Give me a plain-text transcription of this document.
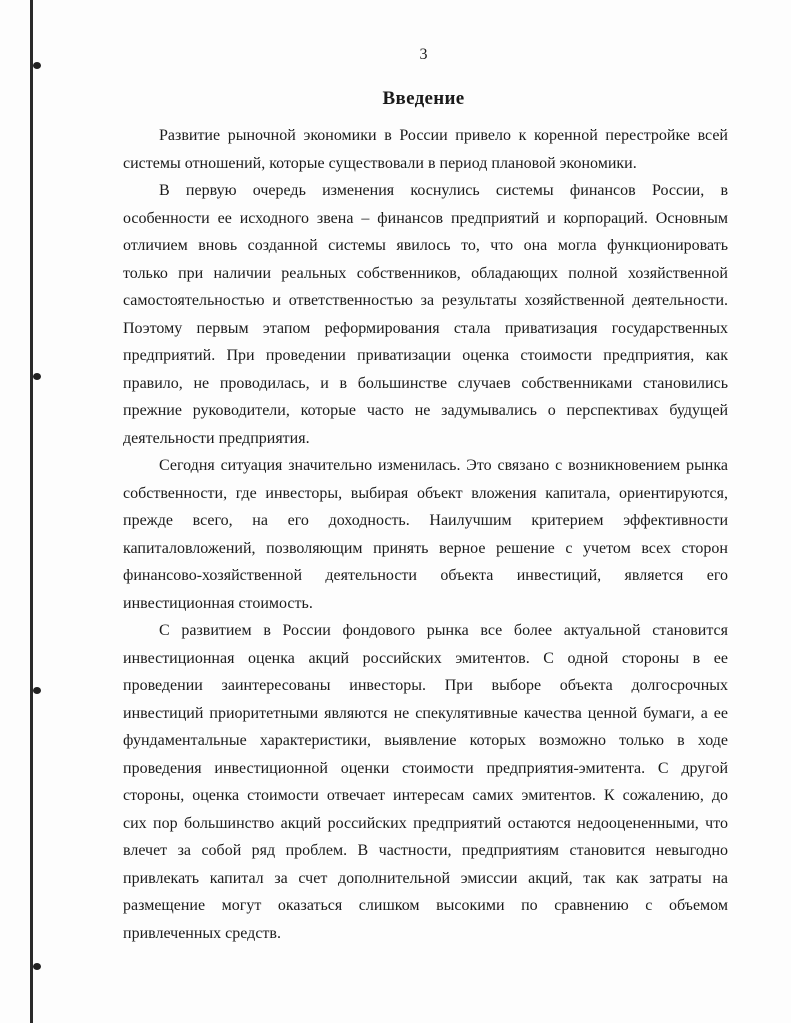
3
Введение
Развитие рыночной экономики в России привело к коренной перестройке всей
системы отношений, которые существовали в период плановой экономики.
В первую очередь изменения коснулись системы финансов России, в
особенности ее исходного звена – финансов предприятий и корпораций. Основным
отличием вновь созданной системы явилось то, что она могла функционировать
только при наличии реальных собственников, обладающих полной хозяйственной
самостоятельностью и ответственностью за результаты хозяйственной деятельности.
Поэтому первым этапом реформирования стала приватизация государственных
предприятий. При проведении приватизации оценка стоимости предприятия, как
правило, не проводилась, и в большинстве случаев собственниками становились
прежние руководители, которые часто не задумывались о перспективах будущей
деятельности предприятия.
Сегодня ситуация значительно изменилась. Это связано с возникновением рынка
собственности, где инвесторы, выбирая объект вложения капитала, ориентируются,
прежде всего, на его доходность. Наилучшим критерием эффективности
капиталовложений, позволяющим принять верное решение с учетом всех сторон
финансово-хозяйственной деятельности объекта инвестиций, является его
инвестиционная стоимость.
С развитием в России фондового рынка все более актуальной становится
инвестиционная оценка акций российских эмитентов. С одной стороны в ее
проведении заинтересованы инвесторы. При выборе объекта долгосрочных
инвестиций приоритетными являются не спекулятивные качества ценной бумаги, а ее
фундаментальные характеристики, выявление которых возможно только в ходе
проведения инвестиционной оценки стоимости предприятия-эмитента. С другой
стороны, оценка стоимости отвечает интересам самих эмитентов. К сожалению, до
сих пор большинство акций российских предприятий остаются недооцененными, что
влечет за собой ряд проблем. В частности, предприятиям становится невыгодно
привлекать капитал за счет дополнительной эмиссии акций, так как затраты на
размещение могут оказаться слишком высокими по сравнению с объемом
привлеченных средств.
